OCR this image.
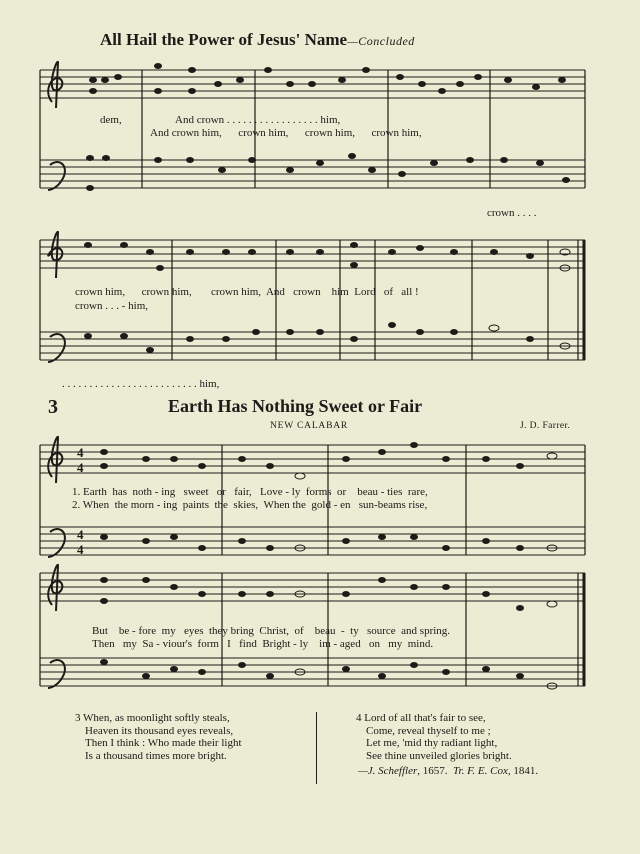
All Hail the Power of Jesus' Name—Concluded
4
4
4
4
dem,	And crown . . . . . . . . . . . . . . . . . him,
And crown him,      crown him,      crown him,      crown him,
crown . . . .
crown him,      crown him,       crown him,  And   crown    him  Lord   of   all !
crown . . . - him,
. . . . . . . . . . . . . . . . . . . . . . . . . him,
3	Earth Has Nothing Sweet or Fair
NEW CALABAR	J. D. Farrer.
1. Earth  has  noth - ing   sweet   or   fair,   Love - ly  forms  or    beau - ties  rare,
2. When  the morn - ing  paints  the  skies,  When the  gold - en   sun-beams rise,
But    be - fore  my   eyes  they bring  Christ,  of    beau  -  ty   source  and spring.
Then   my  Sa - viour's  form   I   find  Bright - ly    im - aged   on   my  mind.
3 When, as moonlight softly steals,
Heaven its thousand eyes reveals,
Then I think : Who made their light
Is a thousand times more bright.
4 Lord of all that's fair to see,
Come, reveal thyself to me ;
Let me, 'mid thy radiant light,
See thine unveiled glories bright.
—J. Scheffler, 1657. Tr. F. E. Cox, 1841.
